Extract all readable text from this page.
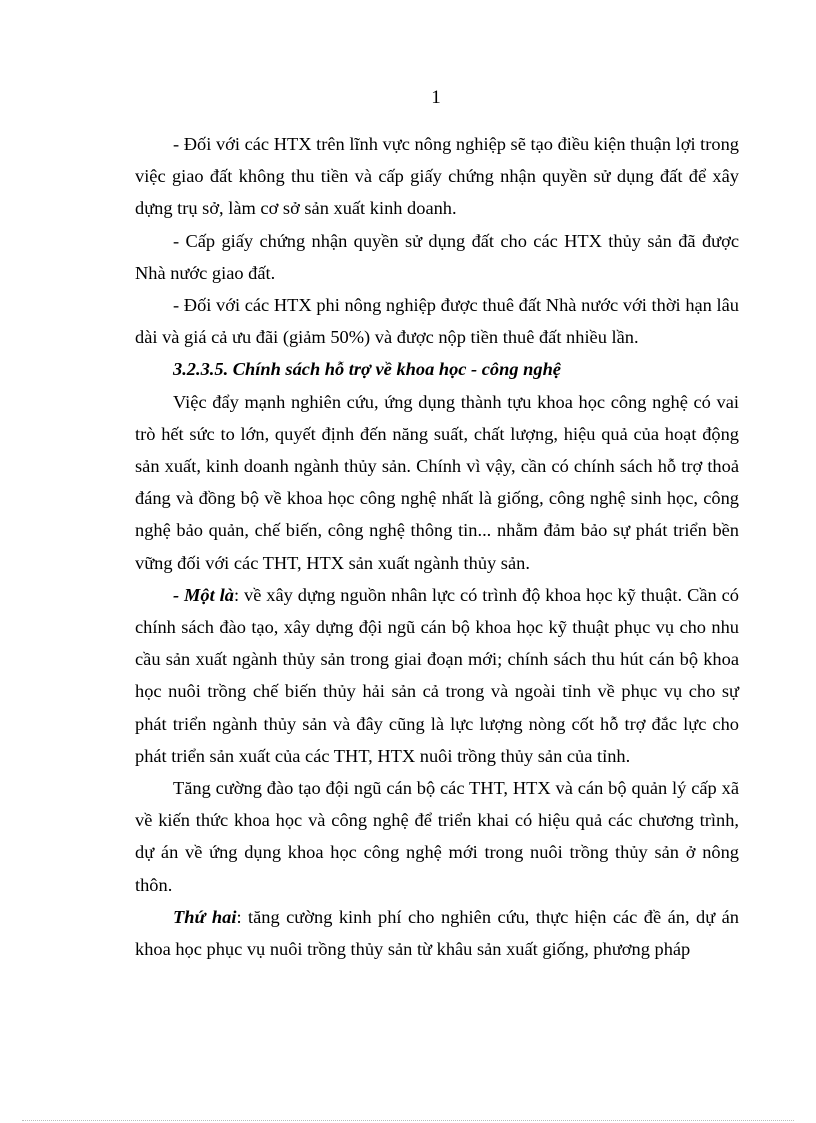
1

- Đối với các HTX trên lĩnh vực nông nghiệp sẽ tạo điều kiện thuận lợi trong việc giao đất không thu tiền và cấp giấy chứng nhận quyền sử dụng đất để xây dựng trụ sở, làm cơ sở sản xuất kinh doanh.

- Cấp giấy chứng nhận quyền sử dụng đất cho các HTX thủy sản đã được Nhà nước giao đất.

- Đối với các HTX phi nông nghiệp được thuê đất Nhà nước với thời hạn lâu dài và giá cả ưu đãi (giảm 50%) và được nộp tiền thuê đất nhiều lần.

3.2.3.5. Chính sách hỗ trợ về khoa học - công nghệ

Việc đẩy mạnh nghiên cứu, ứng dụng thành tựu khoa học công nghệ có vai trò hết sức to lớn, quyết định đến năng suất, chất lượng, hiệu quả của hoạt động sản xuất, kinh doanh ngành thủy sản. Chính vì vậy, cần có chính sách hỗ trợ thoả đáng và đồng bộ về khoa học công nghệ nhất là giống, công nghệ sinh học, công nghệ bảo quản, chế biến, công nghệ thông tin... nhằm đảm bảo sự phát triển bền vững đối với các THT, HTX sản xuất ngành thủy sản.

- Một là: về xây dựng nguồn nhân lực có trình độ khoa học kỹ thuật. Cần có chính sách đào tạo, xây dựng đội ngũ cán bộ khoa học kỹ thuật phục vụ cho nhu cầu sản xuất ngành thủy sản trong giai đoạn mới; chính sách thu hút cán bộ khoa học nuôi trồng chế biến thủy hải sản cả trong và ngoài tỉnh về phục vụ cho sự phát triển ngành thủy sản và đây cũng là lực lượng nòng cốt hỗ trợ đắc lực cho phát triển sản xuất của các THT, HTX nuôi trồng thủy sản của tỉnh.

Tăng cường đào tạo đội ngũ cán bộ các THT, HTX và cán bộ quản lý cấp xã về kiến thức khoa học và công nghệ để triển khai có hiệu quả các chương trình, dự án về ứng dụng khoa học công nghệ mới trong nuôi trồng thủy sản ở nông thôn.

Thứ hai: tăng cường kinh phí cho nghiên cứu, thực hiện các đề án, dự án khoa học phục vụ nuôi trồng thủy sản từ khâu sản xuất giống, phương pháp
